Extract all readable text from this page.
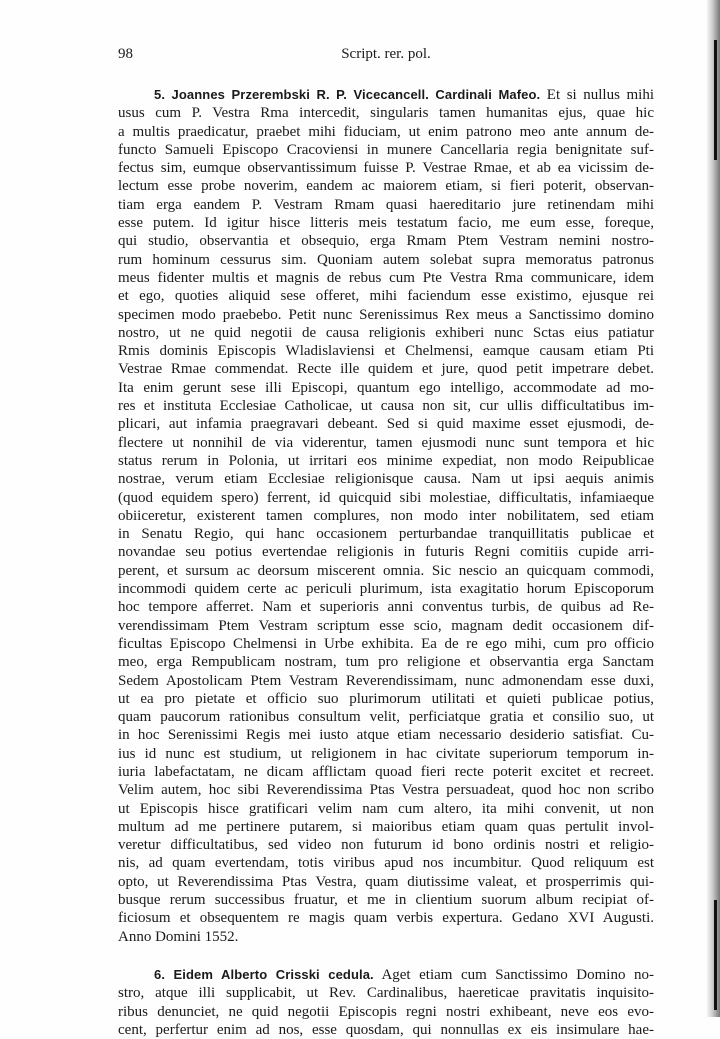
98	Script. rer. pol.
5. Joannes Przerembski R. P. Vicecancell. Cardinali Mafeo. Et si nullus mihi
usus cum P. Vestra Rma intercedit, singularis tamen humanitas ejus, quae hic
a multis praedicatur, praebet mihi fiduciam, ut enim patrono meo ante annum de-
functo Samueli Episcopo Cracoviensi in munere Cancellaria regia benignitate suf-
fectus sim, eumque observantissimum fuisse P. Vestrae Rmae, et ab ea vicissim de-
lectum esse probe noverim, eandem ac maiorem etiam, si fieri poterit, observan-
tiam erga eandem P. Vestram Rmam quasi haereditario jure retinendam mihi
esse putem. Id igitur hisce litteris meis testatum facio, me eum esse, foreque,
qui studio, observantia et obsequio, erga Rmam Ptem Vestram nemini nostro-
rum hominum cessurus sim. Quoniam autem solebat supra memoratus patronus
meus fidenter multis et magnis de rebus cum Pte Vestra Rma communicare, idem
et ego, quoties aliquid sese offeret, mihi faciendum esse existimo, ejusque rei
specimen modo praebebo. Petit nunc Serenissimus Rex meus a Sanctissimo domino
nostro, ut ne quid negotii de causa religionis exhiberi nunc Sctas eius patiatur
Rmis dominis Episcopis Wladislaviensi et Chelmensi, eamque causam etiam Pti
Vestrae Rmae commendat. Recte ille quidem et jure, quod petit impetrare debet.
Ita enim gerunt sese illi Episcopi, quantum ego intelligo, accommodate ad mo-
res et instituta Ecclesiae Catholicae, ut causa non sit, cur ullis difficultatibus im-
plicari, aut infamia praegravari debeant. Sed si quid maxime esset ejusmodi, de-
flectere ut nonnihil de via viderentur, tamen ejusmodi nunc sunt tempora et hic
status rerum in Polonia, ut irritari eos minime expediat, non modo Reipublicae
nostrae, verum etiam Ecclesiae religionisque causa. Nam ut ipsi aequis animis
(quod equidem spero) ferrent, id quicquid sibi molestiae, difficultatis, infamiaeque
obiiceretur, existerent tamen complures, non modo inter nobilitatem, sed etiam
in Senatu Regio, qui hanc occasionem perturbandae tranquillitatis publicae et
novandae seu potius evertendae religionis in futuris Regni comitiis cupide arri-
perent, et sursum ac deorsum miscerent omnia. Sic nescio an quicquam commodi,
incommodi quidem certe ac periculi plurimum, ista exagitatio horum Episcoporum
hoc tempore afferret. Nam et superioris anni conventus turbis, de quibus ad Re-
verendissimam Ptem Vestram scriptum esse scio, magnam dedit occasionem dif-
ficultas Episcopo Chelmensi in Urbe exhibita. Ea de re ego mihi, cum pro officio
meo, erga Rempublicam nostram, tum pro religione et observantia erga Sanctam
Sedem Apostolicam Ptem Vestram Reverendissimam, nunc admonendam esse duxi,
ut ea pro pietate et officio suo plurimorum utilitati et quieti publicae potius,
quam paucorum rationibus consultum velit, perficiatque gratia et consilio suo, ut
in hoc Serenissimi Regis mei iusto atque etiam necessario desiderio satisfiat. Cu-
ius id nunc est studium, ut religionem in hac civitate superiorum temporum in-
iuria labefactatam, ne dicam afflictam quoad fieri recte poterit excitet et recreet.
Velim autem, hoc sibi Reverendissima Ptas Vestra persuadeat, quod hoc non scribo
ut Episcopis hisce gratificari velim nam cum altero, ita mihi convenit, ut non
multum ad me pertinere putarem, si maioribus etiam quam quas pertulit invol-
veretur difficultatibus, sed video non futurum id bono ordinis nostri et religio-
nis, ad quam evertendam, totis viribus apud nos incumbitur. Quod reliquum est
opto, ut Reverendissima Ptas Vestra, quam diutissime valeat, et prosperrimis qui-
busque rerum successibus fruatur, et me in clientium suorum album recipiat of-
ficiosum et obsequentem re magis quam verbis expertura. Gedano XVI Augusti.
Anno Domini 1552.
6. Eidem Alberto Crisski cedula. Aget etiam cum Sanctissimo Domino no-
stro, atque illi supplicabit, ut Rev. Cardinalibus, haereticae pravitatis inquisito-
ribus denunciet, ne quid negotii Episcopis regni nostri exhibeant, neve eos evo-
cent, perfertur enim ad nos, esse quosdam, qui nonnullas ex eis insimulare hae-
